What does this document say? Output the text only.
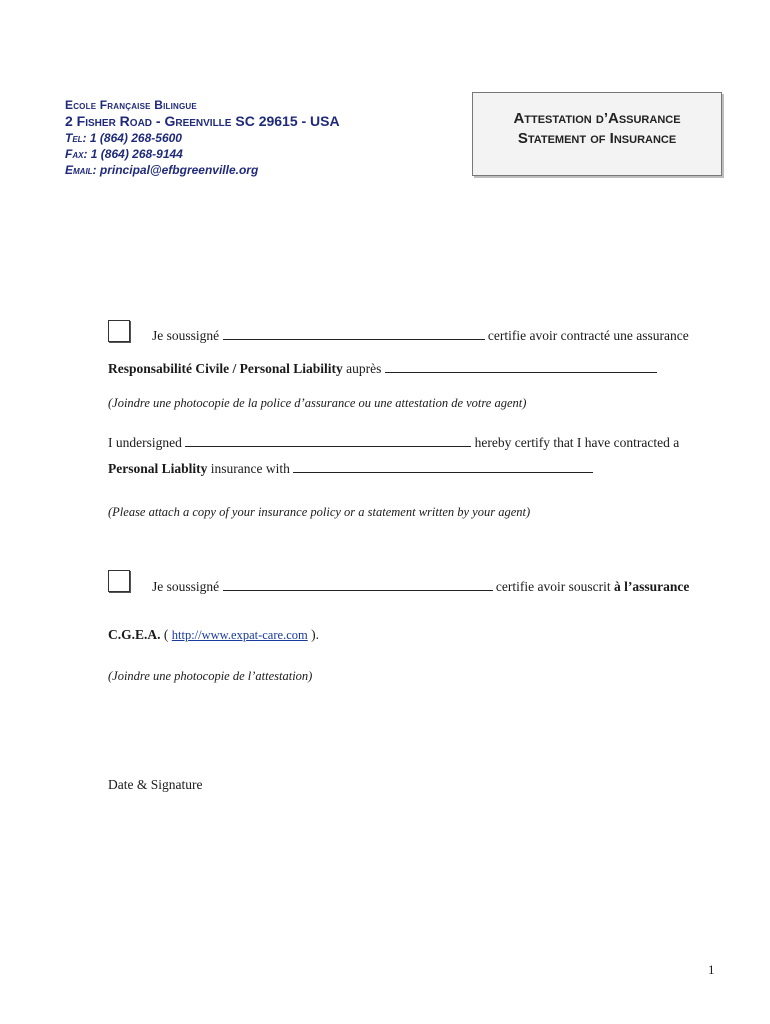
Ecole Française Bilingue
2 Fisher Road - Greenville SC 29615 - USA
Tel: 1 (864) 268-5600
Fax: 1 (864) 268-9144
Email: principal@efbgreenville.org
Attestation d’Assurance
Statement of Insurance
Je soussigné	certifie avoir contracté une assurance
Responsabilité Civile / Personal Liability auprès
(Joindre une photocopie de la police d’assurance ou une attestation de votre agent)
I undersigned	hereby certify that I have contracted a
Personal Liablity insurance with
(Please attach a copy of your insurance policy or a statement written by your agent)
Je soussigné	certifie avoir souscrit à l’assurance
C.G.E.A. ( http://www.expat-care.com ).
(Joindre une photocopie de l’attestation)
Date & Signature
1
